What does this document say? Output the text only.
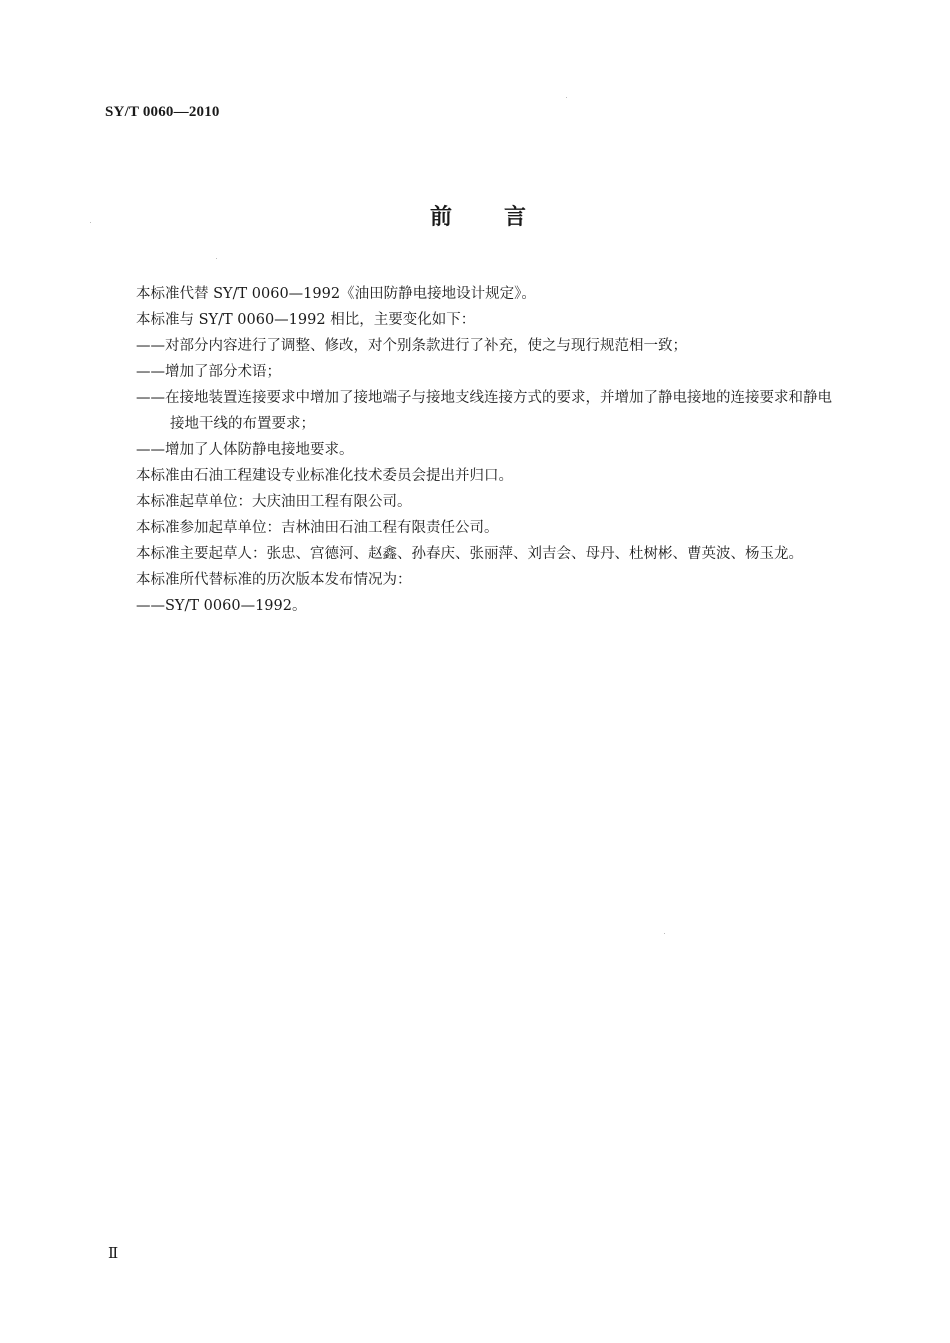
SY/T 0060—2010
前言

本标准代替 SY/T 0060—1992《油田防静电接地设计规定》。

本标准与 SY/T 0060—1992 相比，主要变化如下：

——对部分内容进行了调整、修改，对个别条款进行了补充，使之与现行规范相一致；

——增加了部分术语；

——在接地装置连接要求中增加了接地端子与接地支线连接方式的要求，并增加了静电接地的连接要求和静电接地干线的布置要求；

——增加了人体防静电接地要求。

本标准由石油工程建设专业标准化技术委员会提出并归口。

本标准起草单位：大庆油田工程有限公司。

本标准参加起草单位：吉林油田石油工程有限责任公司。

本标准主要起草人：张忠、宫德河、赵鑫、孙春庆、张丽萍、刘吉会、母丹、杜树彬、曹英波、杨玉龙。

本标准所代替标准的历次版本发布情况为：

——SY/T 0060—1992。

Ⅱ
